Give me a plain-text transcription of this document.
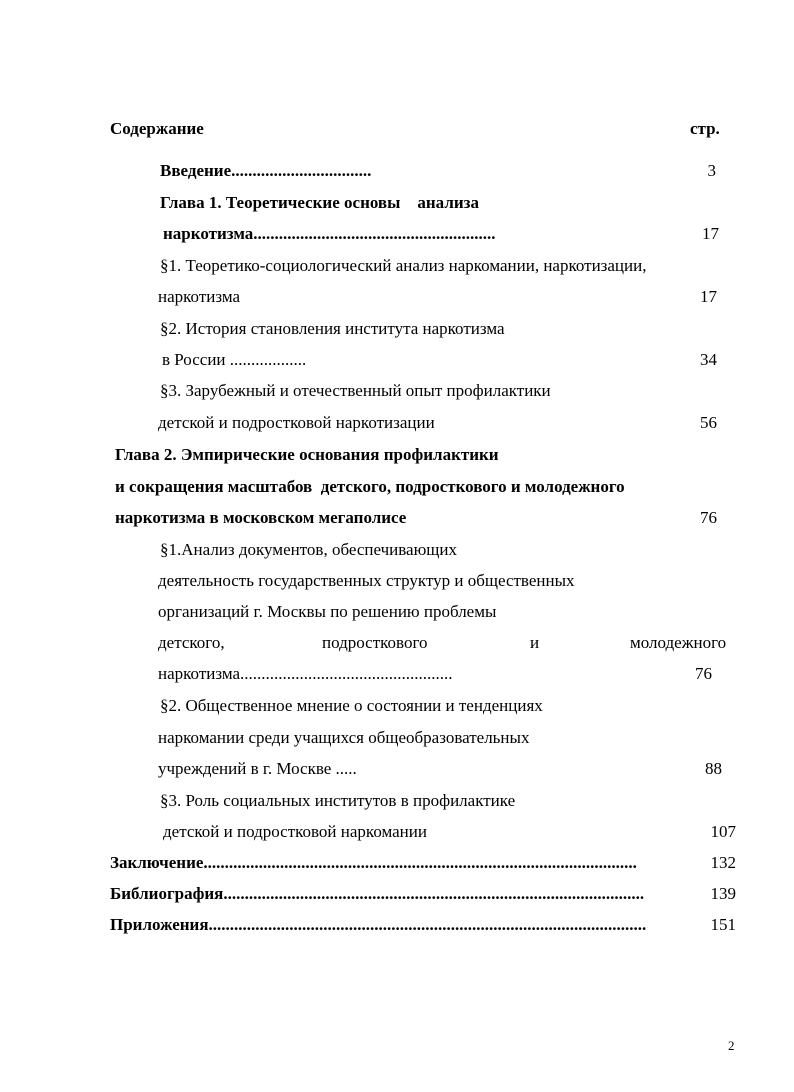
Содержание	стр.
Введение.................................	3
Глава 1. Теоретические основы    анализа
наркотизма.........................................................	17
§1. Теоретико-социологический анализ наркомании, наркотизации,
наркотизма	17
§2. История становления института наркотизма
в России ..................	34
§3. Зарубежный и отечественный опыт профилактики
детской и подростковой наркотизации	56
Глава 2. Эмпирические основания профилактики
и сокращения масштабов  детского, подросткового и молодежного
наркотизма в московском мегаполисе	76
§1.Анализ документов, обеспечивающих
деятельность государственных структур и общественных
организаций г. Москвы по решению проблемы
детского,	подросткового	и	молодежного
наркотизма..................................................	76
§2. Общественное мнение о состоянии и тенденциях
наркомании среди учащихся общеобразовательных
учреждений в г. Москве .....	88
§3. Роль социальных институтов в профилактике
детской и подростковой наркомании	107
Заключение......................................................................................................	132
Библиография...................................................................................................	139
Приложения.......................................................................................................	151
2
